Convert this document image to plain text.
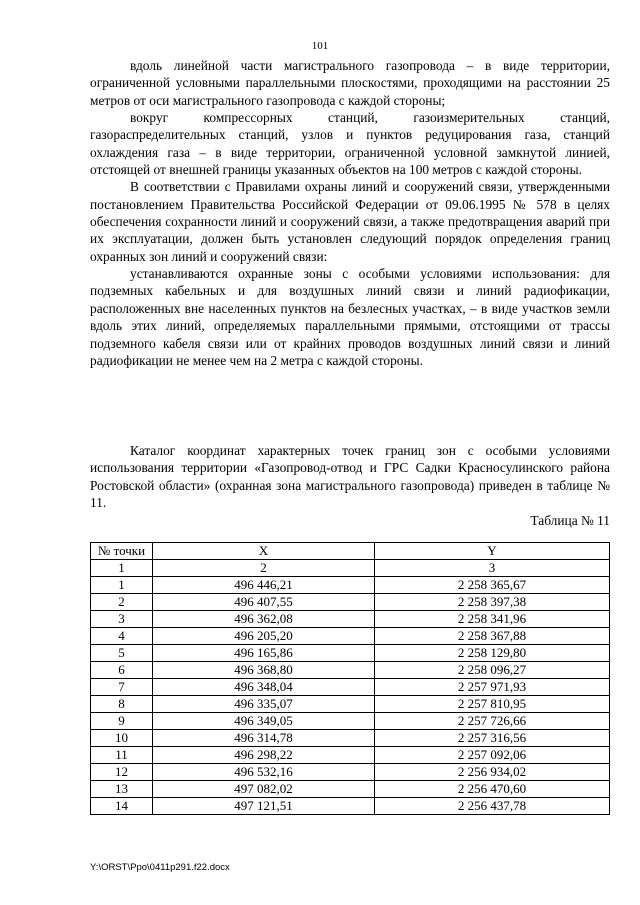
101

вдоль линейной части магистрального газопровода – в виде территории, ограниченной условными параллельными плоскостями, проходящими на расстоянии 25 метров от оси магистрального газопровода с каждой стороны;

вокруг компрессорных станций, газоизмерительных станций, газораспределительных станций, узлов и пунктов редуцирования газа, станций охлаждения газа – в виде территории, ограниченной условной замкнутой линией, отстоящей от внешней границы указанных объектов на 100 метров с каждой стороны.

В соответствии с Правилами охраны линий и сооружений связи, утвержденными постановлением Правительства Российской Федерации от 09.06.1995 № 578 в целях обеспечения сохранности линий и сооружений связи, а также предотвращения аварий при их эксплуатации, должен быть установлен следующий порядок определения границ охранных зон линий и сооружений связи:

устанавливаются охранные зоны с особыми условиями использования: для подземных кабельных и для воздушных линий связи и линий радиофикации, расположенных вне населенных пунктов на безлесных участках, – в виде участков земли вдоль этих линий, определяемых параллельными прямыми, отстоящими от трассы подземного кабеля связи или от крайних проводов воздушных линий связи и линий радиофикации не менее чем на 2 метра с каждой стороны.

Каталог координат характерных точек границ зон с особыми условиями использования территории «Газопровод-отвод и ГРС Садки Красносулинского района Ростовской области» (охранная зона магистрального газопровода) приведен в таблице № 11.

Таблица № 11
№ точки	X	Y
1	2	3
1	496 446,21	2 258 365,67
2	496 407,55	2 258 397,38
3	496 362,08	2 258 341,96
4	496 205,20	2 258 367,88
5	496 165,86	2 258 129,80
6	496 368,80	2 258 096,27
7	496 348,04	2 257 971,93
8	496 335,07	2 257 810,95
9	496 349,05	2 257 726,66
10	496 314,78	2 257 316,56
11	496 298,22	2 257 092,06
12	496 532,16	2 256 934,02
13	497 082,02	2 256 470,60
14	497 121,51	2 256 437,78
Y:\ORST\Ppo\0411p291.f22.docx
